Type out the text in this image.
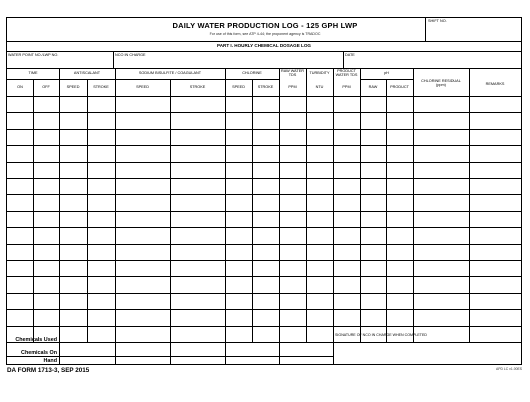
DAILY WATER PRODUCTION LOG - 125 GPH LWP
For use of this form, see ATP 4-44; the proponent agency is TRADOC
SHIFT NO.
PART I. HOURLY CHEMICAL DOSAGE LOG
WATER POINT NO./LWP NO.	NCO IN CHARGE	DATE
TIME	ANTISCALANT	SODIUM BISULFITE / COAGULANT	CHLORINE	RAW WATER TDS	TURBIDITY	PRODUCT WATER TDS	pH
CHLORINE RESIDUAL (ppm)	REMARKS
ON	OFF	SPEED	STROKE	SPEED	STROKE	SPEED	STROKE	PPM	NTU	PPM	RAW	PRODUCT
Chemicals Used
Chemicals On Hand
SIGNATURE OF NCO IN CHARGE WHEN COMPLETED
DA FORM 1713-3, SEP 2015	APD LC v1.00ES
